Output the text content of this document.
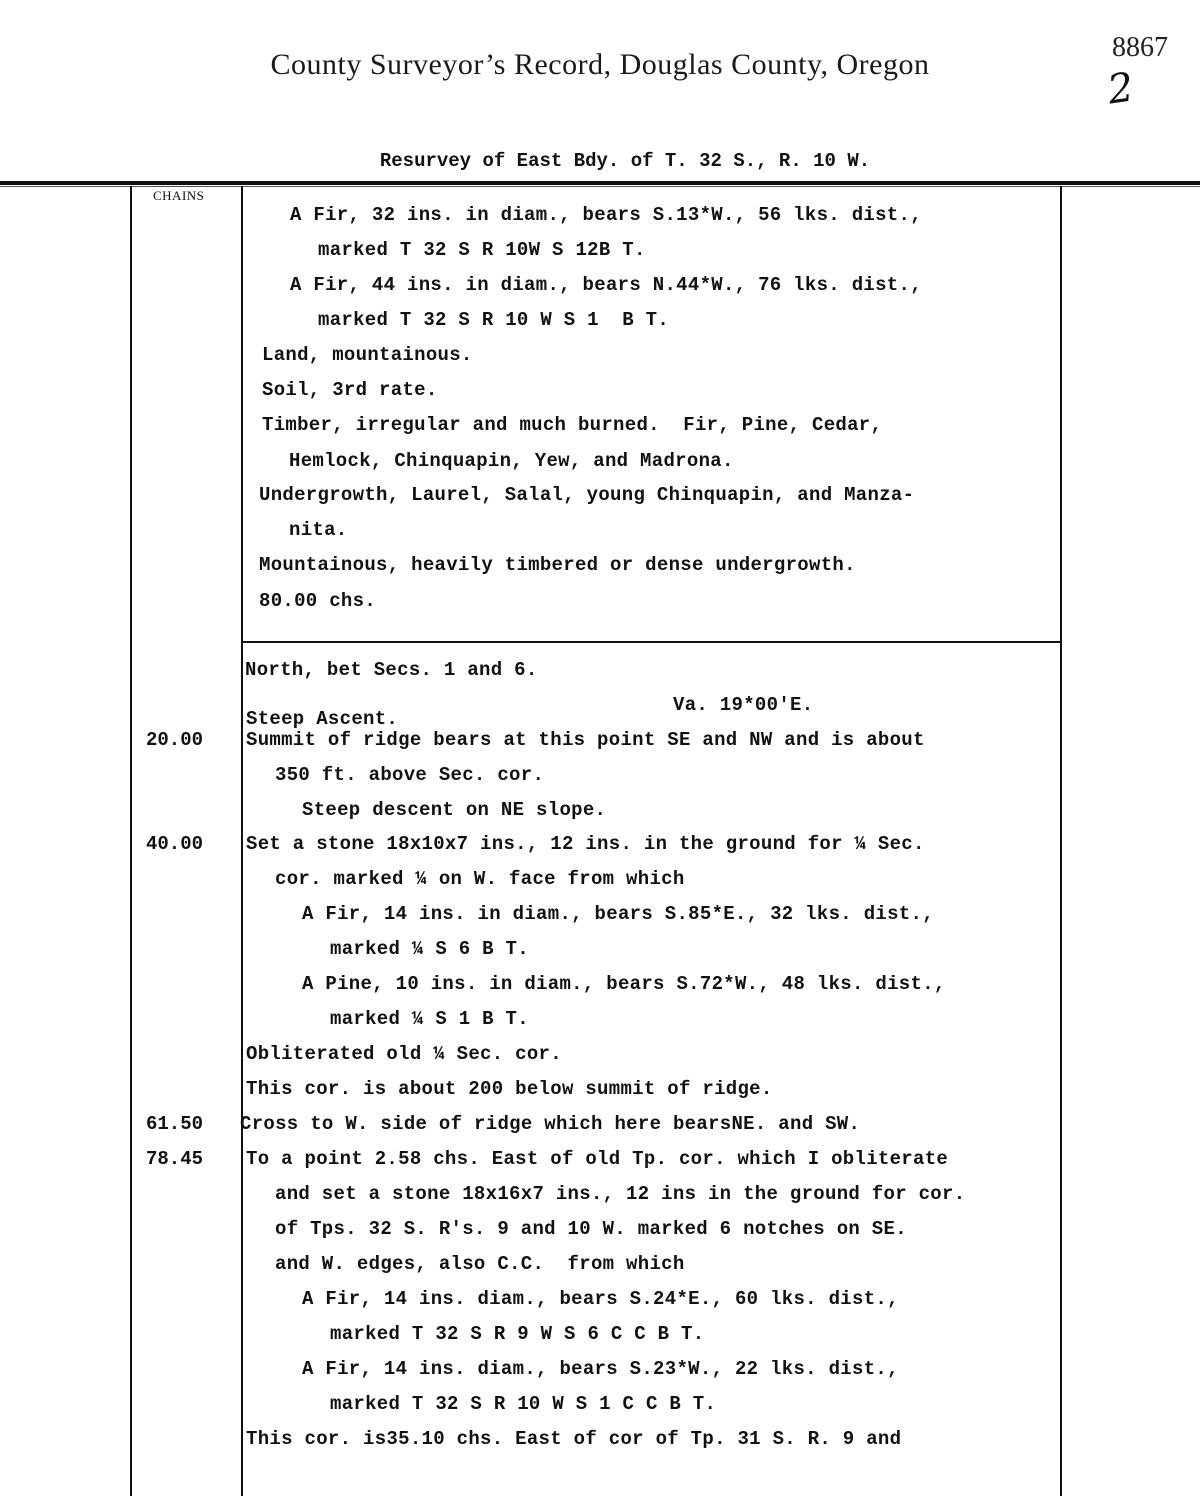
County Surveyor’s Record, Douglas County, Oregon
8867
2
Resurvey of East Bdy. of T. 32 S., R. 10 W.
CHAINS
A Fir, 32 ins. in diam., bears S.13*W., 56 lks. dist.,
marked T 32 S R 10W S 12B T.
A Fir, 44 ins. in diam., bears N.44*W., 76 lks. dist.,
marked T 32 S R 10 W S 1  B T.
Land, mountainous.
Soil, 3rd rate.
Timber, irregular and much burned.  Fir, Pine, Cedar,
Hemlock, Chinquapin, Yew, and Madrona.
Undergrowth, Laurel, Salal, young Chinquapin, and Manza-
nita.
Mountainous, heavily timbered or dense undergrowth.
80.00 chs.
North, bet Secs. 1 and 6.
Va. 19*00'E.
Steep Ascent.
20.00 Summit of ridge bears at this point SE and NW and is about
350 ft. above Sec. cor.
Steep descent on NE slope.
40.00 Set a stone 18x10x7 ins., 12 ins. in the ground for ¼ Sec.
cor. marked ¼ on W. face from which
A Fir, 14 ins. in diam., bears S.85*E., 32 lks. dist.,
marked ¼ S 6 B T.
A Pine, 10 ins. in diam., bears S.72*W., 48 lks. dist.,
marked ¼ S 1 B T.
Obliterated old ¼ Sec. cor.
This cor. is about 200 below summit of ridge.
61.50 Cross to W. side of ridge which here bearsNE. and SW.
78.45 To a point 2.58 chs. East of old Tp. cor. which I obliterate
and set a stone 18x16x7 ins., 12 ins in the ground for cor.
of Tps. 32 S. R's. 9 and 10 W. marked 6 notches on SE.
and W. edges, also C.C.  from which
A Fir, 14 ins. diam., bears S.24*E., 60 lks. dist.,
marked T 32 S R 9 W S 6 C C B T.
A Fir, 14 ins. diam., bears S.23*W., 22 lks. dist.,
marked T 32 S R 10 W S 1 C C B T.
This cor. is35.10 chs. East of cor of Tp. 31 S. R. 9 and
